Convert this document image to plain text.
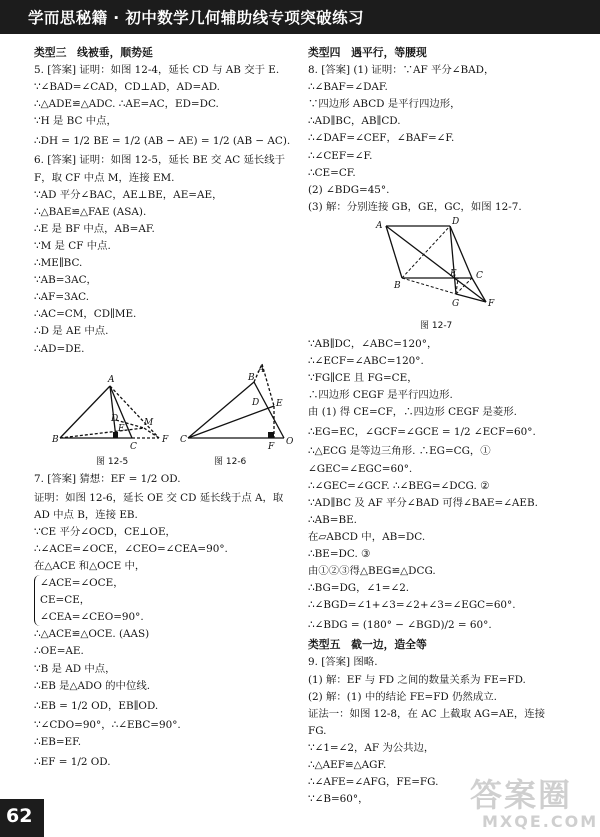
学而思秘籍 · 初中数学几何辅助线专项突破练习
类型三　线被垂，顺势延
5. [答案] 证明：如图 12-4，延长 CD 与 AB 交于 E.
∵∠BAD=∠CAD，CD⊥AD，AD=AD.
∴△ADE≌△ADC. ∴AE=AC，ED=DC.
∵H 是 BC 中点，
∴DH = 1/2 BE = 1/2 (AB − AE) = 1/2 (AB − AC).
6. [答案] 证明：如图 12-5，延长 BE 交 AC 延长线于
F，取 CF 中点 M，连接 EM.
∵AD 平分∠BAC，AE⊥BE，AE=AE，
∴△BAE≌△FAE (ASA).
∴E 是 BF 中点，AB=AF.
∵M 是 CF 中点.
∴ME∥BC.
∵AB=3AC，
∴AF=3AC.
∴AC=CM，CD∥ME.
∴D 是 AE 中点.
∴AD=DE.
A
B
D
E
C
M
F
A
B
C
D E
F O
图 12-5	图 12-6
7. [答案] 猜想：EF = 1/2 OD.
证明：如图 12-6，延长 OE 交 CD 延长线于点 A，取
AD 中点 B，连接 EB.
∵CE 平分∠OCD，CE⊥OE，
∴∠ACE=∠OCE，∠CEO=∠CEA=90°.
在△ACE 和△OCE 中，
∠ACE=∠OCE，
CE=CE，
∠CEA=∠CEO=90°.
∴△ACE≌△OCE. (AAS)
∴OE=AE.
∵B 是 AD 中点，
∴EB 是△ADO 的中位线.
∴EB = 1/2 OD，EB∥OD.
∵∠CDO=90°，∴∠EBC=90°.
∴EB=EF.
∴EF = 1/2 OD.
类型四　遇平行，等腰现
8. [答案] (1) 证明：∵AF 平分∠BAD，
∴∠BAF=∠DAF.
∵四边形 ABCD 是平行四边形，
∴AD∥BC，AB∥CD.
∴∠DAF=∠CEF，∠BAF=∠F.
∴∠CEF=∠F.
∴CE=CF.
(2) ∠BDG=45°.
(3) 解：分别连接 GB，GE，GC，如图 12-7.
A	D
B
E C
G	F
图 12-7
∵AB∥DC，∠ABC=120°，
∴∠ECF=∠ABC=120°.
∵FG∥CE 且 FG=CE，
∴四边形 CEGF 是平行四边形.
由 (1) 得 CE=CF，∴四边形 CEGF 是菱形.
∴EG=EC，∠GCF=∠GCE = 1/2 ∠ECF=60°.
∴△ECG 是等边三角形. ∴EG=CG，①
∠GEC=∠EGC=60°.
∴∠GEC=∠GCF. ∴∠BEG=∠DCG. ②
∵AD∥BC 及 AF 平分∠BAD 可得∠BAE=∠AEB.
∴AB=BE.
在▱ABCD 中，AB=DC.
∴BE=DC. ③
由①②③得△BEG≌△DCG.
∴BG=DG，∠1=∠2.
∴∠BGD=∠1+∠3=∠2+∠3=∠EGC=60°.
∴∠BDG = (180° − ∠BGD)/2 = 60°.
类型五　截一边，造全等
9. [答案] 图略.
(1) 解：EF 与 FD 之间的数量关系为 FE=FD.
(2) 解：(1) 中的结论 FE=FD 仍然成立.
证法一：如图 12-8，在 AC 上截取 AG=AE，连接
FG.
∵∠1=∠2，AF 为公共边，
∴△AEF≌△AGF.
∴∠AFE=∠AFG，FE=FG.
∵∠B=60°，
62
答案圈
MXQE.COM
